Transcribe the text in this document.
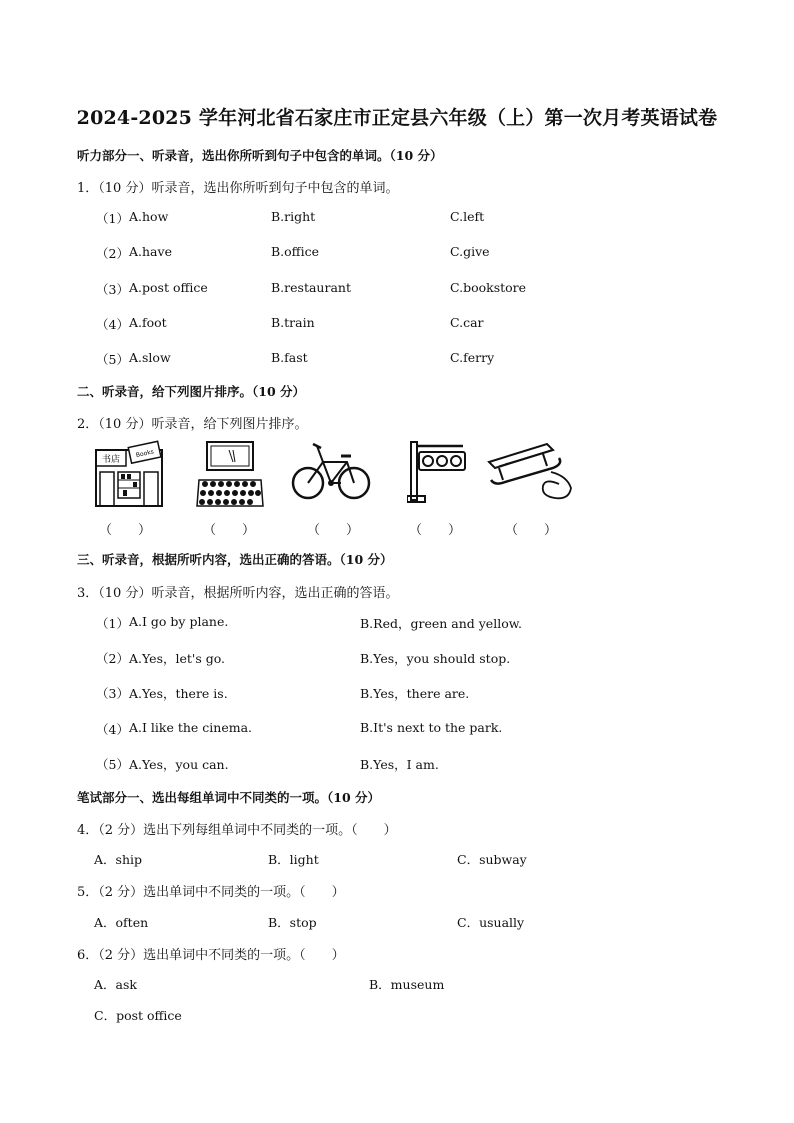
2024-2025 学年河北省石家庄市正定县六年级（上）第一次月考英语试卷
听力部分一、听录音，选出你所听到句子中包含的单词。（10 分）
1．（10 分）听录音，选出你所听到句子中包含的单词。
（1） A.how	B.right	C.left
（2） A.have	B.office	C.give
（3） A.post office	B.restaurant	C.bookstore
（4） A.foot	B.train	C.car
（5） A.slow	B.fast	C.ferry
二、听录音，给下列图片排序。（10 分）
2．（10 分）听录音，给下列图片排序。
书店
Books
（　　）	（　　）	（　　）	（　　）	（　　）
三、听录音，根据所听内容，选出正确的答语。（10 分）
3．（10 分）听录音，根据所听内容，选出正确的答语。
（1） A.I go by plane.	B.Red，green and yellow.
（2） A.Yes，let's go.	B.Yes，you should stop.
（3） A.Yes，there is.	B.Yes，there are.
（4） A.I like the cinema.	B.It's next to the park.
（5） A.Yes，you can.	B.Yes，I am.
笔试部分一、选出每组单词中不同类的一项。（10 分）
4．（2 分）选出下列每组单词中不同类的一项。（　　）
A．ship	B．light	C．subway
5．（2 分）选出单词中不同类的一项。（　　）
A．often	B．stop	C．usually
6．（2 分）选出单词中不同类的一项。（　　）
A．ask	B．museum
C．post office
